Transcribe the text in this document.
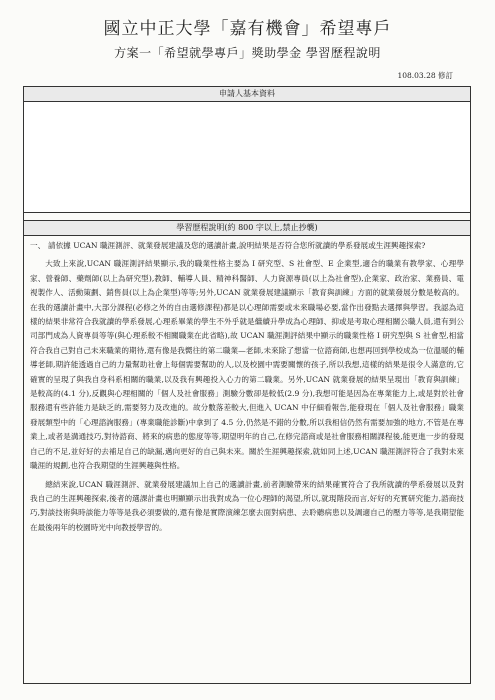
國立中正大學「嘉有機會」希望專戶
方案一「希望就學專戶」獎助學金 學習歷程說明
108.03.28 修訂
申請人基本資料
學習歷程說明(約 800 字以上,禁止抄襲)
一、 請依據 UCAN 職涯測評、就業發展建議及您的選讀計畫,說明結果是否符合您所就讀的學系發展或生涯興趣探索?

大致上來說,UCAN 職涯測評結果顯示,我的職業性格主要為 I 研究型、S 社會型、E 企業型,適合的職業有教學家、心理學家、營養師、藥劑師(以上為研究型),教師、輔導人員、精神科醫師、人力資源專員(以上為社會型),企業家、政治家、業務員、電視製作人、活動策劃、銷售員(以上為企業型)等等;另外,UCAN 就業發展建議顯示「教育與訓練」方面的就業發展分數是較高的。在我的選讀計畫中,大部分課程(必修之外的自由選修課程)都是以心理師需要或未來職場必要,當作出發點去選擇與學習。我認為這樣的結果非常符合我就讀的學系發展,心理系畢業的學生不外乎就是繼續升學成為心理師、抑或是考取心理相關公職人員,還有到公司部門成為人資專員等等(與心理系較不相關職業在此省略),故 UCAN 職涯測評結果中顯示的職業性格 I 研究型與 S 社會型,相當符合我自己對自己未來職業的期待,還有像是我嚮往的第二職業—老師,未來除了想當一位諮商師,也想再回到學校成為一位溫暖的輔導老師,期許能透過自己的力量幫助社會上每個需要幫助的人,以及校園中需要關懷的孩子,所以我想,這樣的結果是很令人滿意的,它確實的呈現了與我自身科系相關的職業,以及我有興趣投入心力的第二職業。另外,UCAN 就業發展的結果呈現出「教育與訓練」是較高的(4.1 分),反觀與心理相關的「個人及社會服務」測驗分數卻是較低(2.9 分),我想可能是因為在專業能力上,或是對於社會服務還有些許能力是缺乏的,需要努力及改進的。故分數落差較大,但進入 UCAN 中仔細看報告,能發現在「個人及社會服務」職業發展類型中的「心理諮詢服務」(專業職能診斷)中拿到了 4.5 分,仍然是不錯的分數,所以我相信仍然有需要加強的地方,不管是在專業上,或者是溝通技巧,對待諮商、將來的病患的態度等等,期望明年的自己,在修完諮商或是社會服務相關課程後,能更進一步的發現自己的不足,並好好的去補足自己的缺漏,邁向更好的自己與未來。關於生涯興趣探索,就如同上述,UCAN 職涯測評符合了我對未來職涯的規劃,也符合我期望的生涯興趣與性格。

總結來說,UCAN 職涯測評、就業發展建議加上自己的選讀計畫,前者測驗帶來的結果確實符合了我所就讀的學系發展以及對我自己的生涯興趣探索,後者的選課計畫也明顯顯示出我對成為一位心理師的渴望,所以,就現階段而言,好好的充實研究能力,諮商技巧,對談技術與時談能力等等是我必須要做的,還有像是實際演練怎麼去面對病患、去聆聽病患以及調適自己的壓力等等,是我期望能在最後兩年的校園時光中向教授學習的。
